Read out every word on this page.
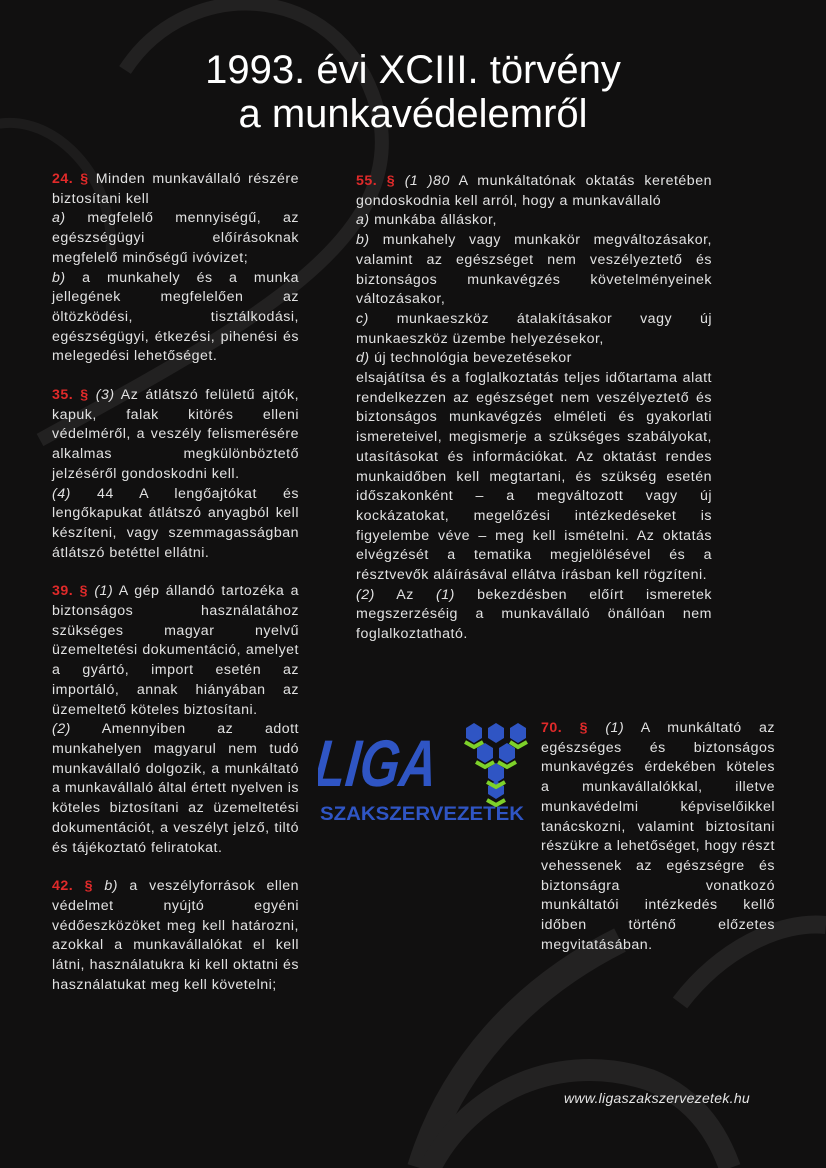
1993. évi XCIII. törvény
a munkavédelemről

24. § Minden munkavállaló részére biztosítani kell

a) megfelelő mennyiségű, az egészségügyi előírásoknak megfelelő minőségű ivóvizet;

b) a munkahely és a munka jellegének megfelelően az öltözködési, tisztálkodási, egészségügyi, étkezési, pihenési és melegedési lehetőséget.

35. § (3) Az átlátszó felületű ajtók, kapuk, falak kitörés elleni védelméről, a veszély felismerésére alkalmas megkülönböztető jelzéséről gondoskodni kell.

(4) 44 A lengőajtókat és lengőkapukat átlátszó anyagból kell készíteni, vagy szemmagasságban átlátszó betéttel ellátni.

39. § (1) A gép állandó tartozéka a biztonságos használatához szükséges magyar nyelvű üzemeltetési dokumentáció, amelyet a gyártó, import esetén az importáló, annak hiányában az üzemeltető köteles biztosítani.

(2) Amennyiben az adott munkahelyen magyarul nem tudó munkavállaló dolgozik, a munkáltató a munkavállaló által értett nyelven is köteles biztosítani az üzemeltetési dokumentációt, a veszélyt jelző, tiltó és tájékoztató feliratokat.

42. § b) a veszélyforrások ellen védelmet nyújtó egyéni védőeszközöket meg kell határozni, azokkal a munkavállalókat el kell látni, használatukra ki kell oktatni és használatukat meg kell követelni;

55. § (1 )80 A munkáltatónak oktatás keretében gondoskodnia kell arról, hogy a munkavállaló

a) munkába álláskor,

b) munkahely vagy munkakör megváltozásakor, valamint az egészséget nem veszélyeztető és biztonságos munkavégzés követelményeinek változásakor,

c) munkaeszköz átalakításakor vagy új munkaeszköz üzembe helyezésekor,

d) új technológia bevezetésekor

elsajátítsa és a foglalkoztatás teljes időtartama alatt rendelkezzen az egészséget nem veszélyeztető és biztonságos munkavégzés elméleti és gyakorlati ismereteivel, megismerje a szükséges szabályokat, utasításokat és információkat. Az oktatást rendes munkaidőben kell megtartani, és szükség esetén időszakonként – a megváltozott vagy új kockázatokat, megelőzési intézkedéseket is figyelembe véve – meg kell ismételni. Az oktatás elvégzését a tematika megjelölésével és a résztvevők aláírásával ellátva írásban kell rögzíteni.

(2) Az (1) bekezdésben előírt ismeretek megszerzéséig a munkavállaló önállóan nem foglalkoztatható.

LIGA
SZAKSZERVEZETEK

70. § (1) A munkáltató az egészséges és biztonságos munkavégzés érdekében köteles a munkavállalókkal, illetve munkavédelmi képviselőikkel tanácskozni, valamint biztosítani részükre a lehetőséget, hogy részt vehessenek az egészségre és biztonságra vonatkozó munkáltatói intézkedés kellő időben történő előzetes megvitatásában.

www.ligaszakszervezetek.hu
